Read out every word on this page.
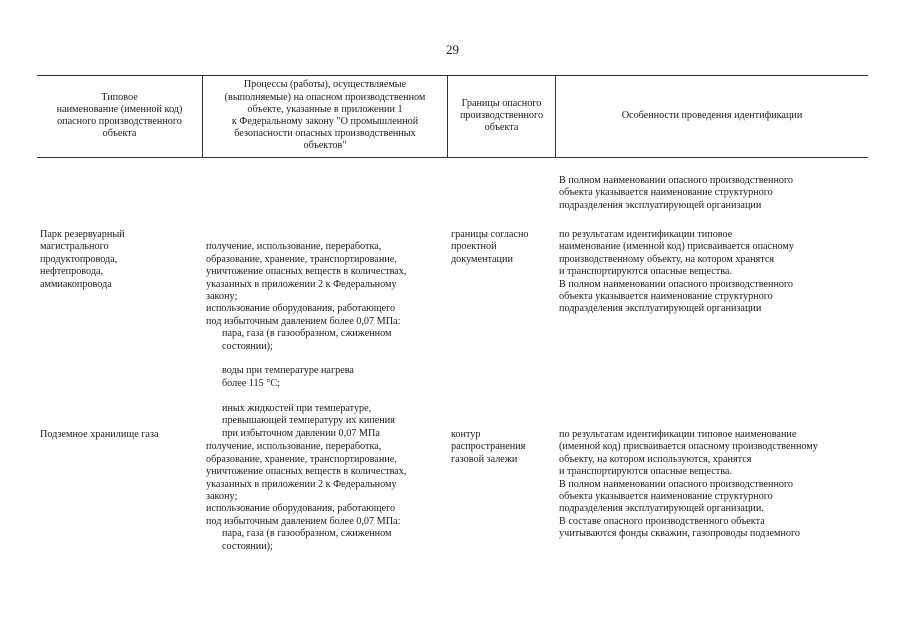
29
Типовое
наименование (именной код)
опасного производственного
объекта
Процессы (работы), осуществляемые
(выполняемые) на опасном производственном
объекте, указанные в приложении 1
к Федеральному закону "О промышленной
безопасности опасных производственных
объектов"
Границы опасного
производственного
объекта
Особенности проведения идентификации
В полном наименовании опасного производственного
объекта указывается наименование структурного
подразделения эксплуатирующей организации
Парк резервуарный
магистрального
продуктопровода,
нефтепровода,
аммиакопровода

получение, использование, переработка,
образование, хранение, транспортирование,
уничтожение опасных веществ в количествах,
указанных в приложении 2 к Федеральному
закону;
использование оборудования, работающего
под избыточным давлением более 0,07 МПа:

пара, газа (в газообразном, сжиженном
состоянии);

воды при температуре нагрева
более 115 °С;

иных жидкостей при температуре,
превышающей температуру их кипения
при избыточном давлении 0,07 МПа

границы согласно
проектной
документации
по результатам идентификации типовое
наименование (именной код) присваивается опасному
производственному объекту, на котором хранятся
и транспортируются опасные вещества.
В полном наименовании опасного производственного
объекта указывается наименование структурного
подразделения эксплуатирующей организации
Подземное хранилище газа

получение, использование, переработка,
образование, хранение, транспортирование,
уничтожение опасных веществ в количествах,
указанных в приложении 2 к Федеральному
закону;
использование оборудования, работающего
под избыточным давлением более 0,07 МПа:

пара, газа (в газообразном, сжиженном
состоянии);

контур
распространения
газовой залежи
по результатам идентификации типовое наименование
(именной код) присваивается опасному производственному
объекту, на котором используются, хранятся
и транспортируются опасные вещества.
В полном наименовании опасного производственного
объекта указывается наименование структурного
подразделения эксплуатирующей организации.
В составе опасного производственного объекта
учитываются фонды скважин, газопроводы подземного
